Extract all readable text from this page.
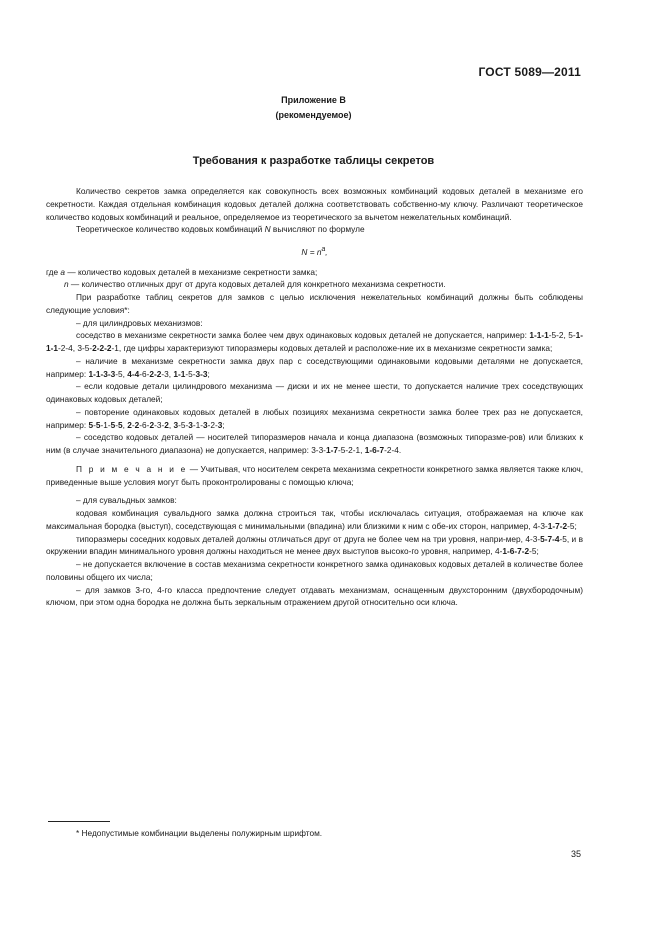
ГОСТ 5089—2011
Приложение В
(рекомендуемое)
Требования к разработке таблицы секретов

Количество секретов замка определяется как совокупность всех возможных комбинаций кодовых деталей в механизме его секретности. Каждая отдельная комбинация кодовых деталей должна соответствовать собственно-му ключу. Различают теоретическое количество кодовых комбинаций и реальное, определяемое из теоретического за вычетом нежелательных комбинаций.

Теоретическое количество кодовых комбинаций N вычисляют по формуле

$N = n^a$,

где a — количество кодовых деталей в механизме секретности замка;

n — количество отличных друг от друга кодовых деталей для конкретного механизма секретности.

При разработке таблиц секретов для замков с целью исключения нежелательных комбинаций должны быть соблюдены следующие условия*:

– для цилиндровых механизмов:

соседство в механизме секретности замка более чем двух одинаковых кодовых деталей не допускается, например: 1-1-1-5-2, 5-1-1-1-2-4, 3-5-2-2-2-1, где цифры характеризуют типоразмеры кодовых деталей и расположе-ние их в механизме секретности замка;

– наличие в механизме секретности замка двух пар с соседствующими одинаковыми кодовыми деталями не допускается, например: 1-1-3-3-5, 4-4-6-2-2-3, 1-1-5-3-3;

– если кодовые детали цилиндрового механизма — диски и их не менее шести, то допускается наличие трех соседствующих одинаковых кодовых деталей;

– повторение одинаковых кодовых деталей в любых позициях механизма секретности замка более трех раз не допускается, например: 5-5-1-5-5, 2-2-6-2-3-2, 3-5-3-1-3-2-3;

– соседство кодовых деталей — носителей типоразмеров начала и конца диапазона (возможных типоразме-ров) или близких к ним (в случае значительного диапазона) не допускается, например: 3-3-1-7-5-2-1, 1-6-7-2-4.

П р и м е ч а н и е — Учитывая, что носителем секрета механизма секретности конкретного замка является также ключ, приведенные выше условия могут быть проконтролированы с помощью ключа;

– для сувальдных замков:

кодовая комбинация сувальдного замка должна строиться так, чтобы исключалась ситуация, отображаемая на ключе как максимальная бородка (выступ), соседствующая с минимальными (впадина) или близкими к ним с обе-их сторон, например, 4-3-1-7-2-5;

типоразмеры соседних кодовых деталей должны отличаться друг от друга не более чем на три уровня, напри-мер, 4-3-5-7-4-5, и в окружении впадин минимального уровня должны находиться не менее двух выступов высоко-го уровня, например, 4-1-6-7-2-5;

– не допускается включение в состав механизма секретности конкретного замка одинаковых кодовых деталей в количестве более половины общего их числа;

– для замков 3-го, 4-го класса предпочтение следует отдавать механизмам, оснащенным двухсторонним (двухбородочным) ключом, при этом одна бородка не должна быть зеркальным отражением другой относительно оси ключа.

* Недопустимые комбинации выделены полужирным шрифтом.
35
